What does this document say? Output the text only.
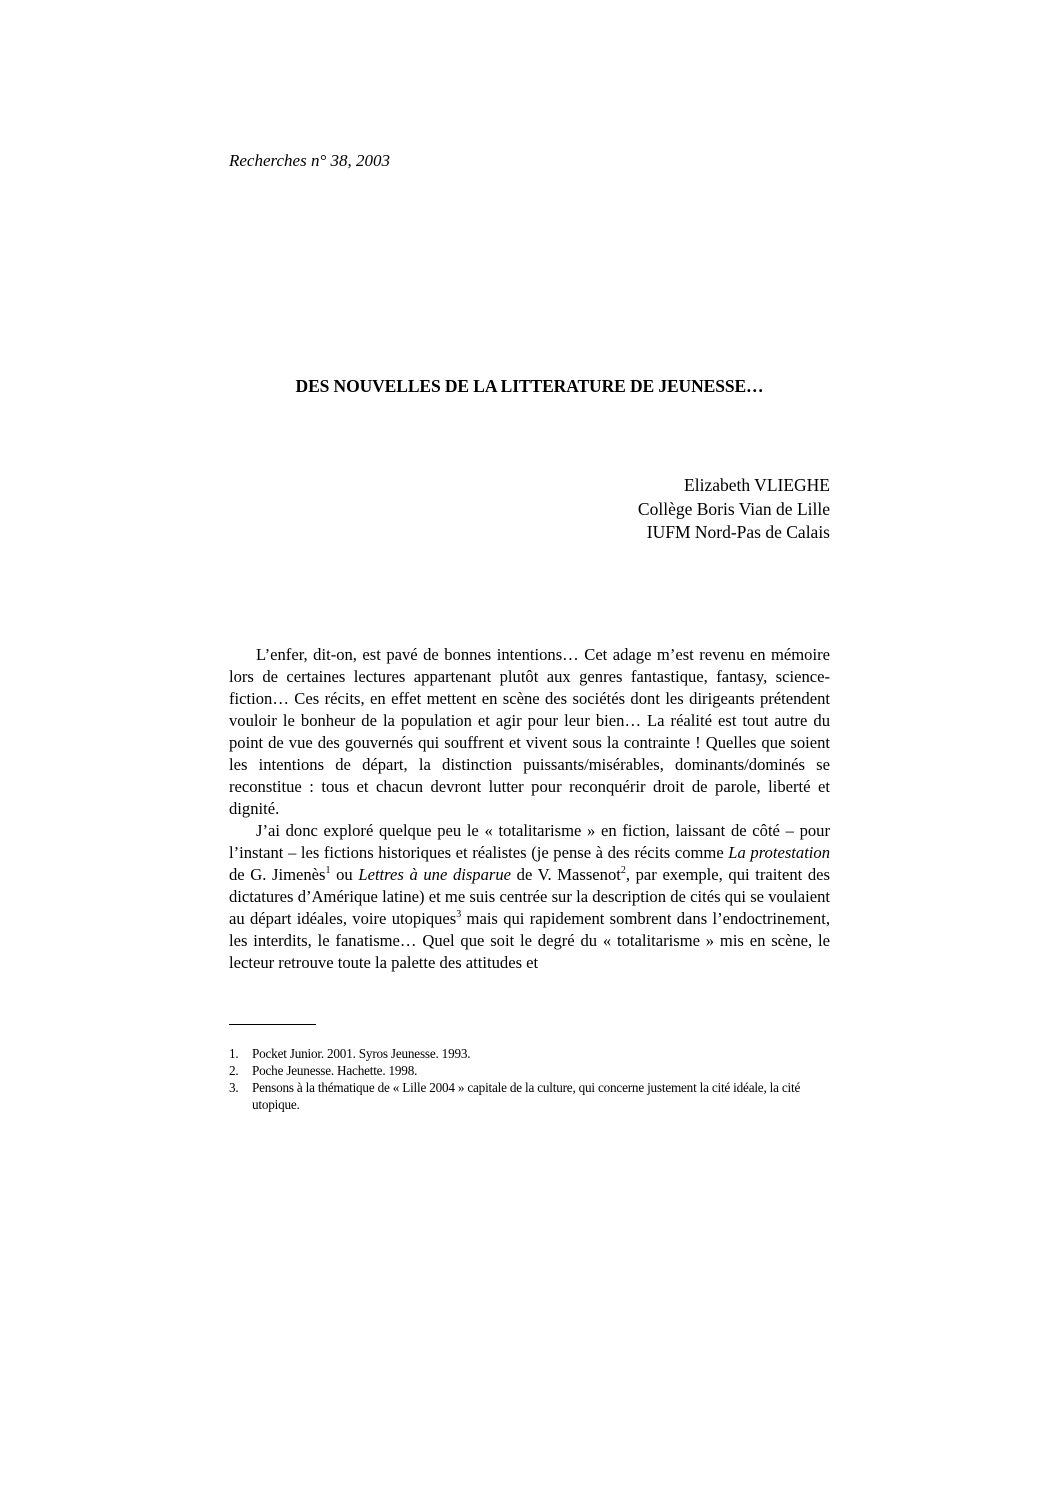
Recherches n° 38, 2003
DES NOUVELLES DE LA LITTERATURE DE JEUNESSE…
Elizabeth VLIEGHE
Collège Boris Vian de Lille
IUFM Nord-Pas de Calais

L’enfer, dit-on, est pavé de bonnes intentions… Cet adage m’est revenu en mémoire lors de certaines lectures appartenant plutôt aux genres fantastique, fantasy, science-fiction… Ces récits, en effet mettent en scène des sociétés dont les dirigeants prétendent vouloir le bonheur de la population et agir pour leur bien… La réalité est tout autre du point de vue des gouvernés qui souffrent et vivent sous la contrainte ! Quelles que soient les intentions de départ, la distinction puissants/misérables, dominants/dominés se reconstitue : tous et chacun devront lutter pour reconquérir droit de parole, liberté et dignité.

J’ai donc exploré quelque peu le « totalitarisme » en fiction, laissant de côté – pour l’instant – les fictions historiques et réalistes (je pense à des récits comme La protestation de G. Jimenès$^1$ ou Lettres à une disparue de V. Massenot$^2$, par exemple, qui traitent des dictatures d’Amérique latine) et me suis centrée sur la description de cités qui se voulaient au départ idéales, voire utopiques$^3$ mais qui rapidement sombrent dans l’endoctrinement, les interdits, le fanatisme… Quel que soit le degré du « totalitarisme » mis en scène, le lecteur retrouve toute la palette des attitudes et

1.	Pocket Junior. 2001. Syros Jeunesse. 1993.
2.	Poche Jeunesse. Hachette. 1998.
3.	Pensons à la thématique de « Lille 2004 » capitale de la culture, qui concerne justement la cité idéale, la cité utopique.
